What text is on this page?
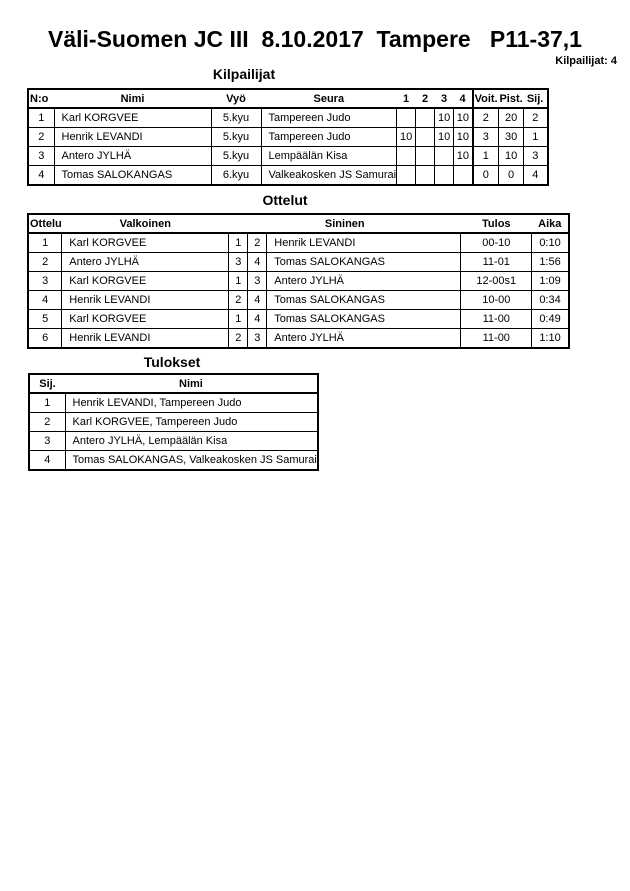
Väli-Suomen JC III  8.10.2017  Tampere   P11-37,1
Kilpailijat: 4
Kilpailijat
N:o	Nimi	Vyö	Seura	1	2	3	4	Voit.	Pist.	Sij.
1	Karl KORGVEE	5.kyu	Tampereen Judo			10	10	2	20	2
2	Henrik LEVANDI	5.kyu	Tampereen Judo	10		10	10	3	30	1
3	Antero JYLHÄ	5.kyu	Lempäälän Kisa				10	1	10	3
4	Tomas SALOKANGAS	6.kyu	Valkeakosken JS Samurai					0	0	4
Ottelut
Ottelu	Valkoinen	Sininen			Tulos	Aika
1	Karl KORGVEE	1	2	Henrik LEVANDI	00-10	0:10
2	Antero JYLHÄ	3	4	Tomas SALOKANGAS	11-01	1:56
3	Karl KORGVEE	1	3	Antero JYLHÄ	12-00s1	1:09
4	Henrik LEVANDI	2	4	Tomas SALOKANGAS	10-00	0:34
5	Karl KORGVEE	1	4	Tomas SALOKANGAS	11-00	0:49
6	Henrik LEVANDI	2	3	Antero JYLHÄ	11-00	1:10
Tulokset
Sij.	Nimi
1	Henrik LEVANDI, Tampereen Judo
2	Karl KORGVEE, Tampereen Judo
3	Antero JYLHÄ, Lempäälän Kisa
4	Tomas SALOKANGAS, Valkeakosken JS Samurai
